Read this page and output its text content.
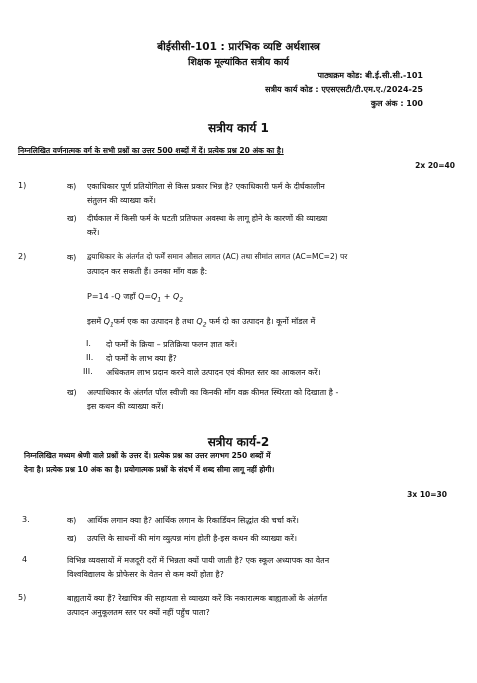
बीईसीसी-101 : प्रारंभिक व्यष्टि अर्थशास्त्र
शिक्षक मूल्यांकित सत्रीय कार्य
पाठ्यक्रम कोड: बी.ई.सी.सी.-101
सत्रीय कार्य कोड : एएसएसटी/टी.एम.ए./2024-25
कुल अंक : 100
सत्रीय कार्य 1
निम्नलिखित वर्णनात्मक वर्ग के सभी प्रश्नों का उत्तर 500 शब्दों में दें। प्रत्येक प्रश्न 20 अंक का है।
2x 20=40
1)	क) एकाधिकार पूर्ण प्रतियोगिता से किस प्रकार भिन्न है? एकाधिकारी फर्म के दीर्घकालीन
संतुलन की व्याख्या करें।
ख) दीर्घकाल में किसी फर्म के घटती प्रतिफल अवस्था के लागू होने के कारणों की व्याख्या
करें।
2)	क) द्वयाधिकार के अंतर्गत दो फर्में समान औसत लागत (AC) तथा सीमांत लागत (AC=MC=2) पर
उत्पादन कर सकती हैं। उनका माँग वक्र है:
P=14 -Q जहाँ $Q=Q_1 + Q_2$
इसमें $Q_1फर्म$ एक का उत्पादन है तथा $Q_2$ फर्म दो का उत्पादन है। कूर्नो मॉडल में
I. दो फर्मों के क्रिया – प्रतिक्रिया फलन ज्ञात करें।
II. दो फर्मों के लाभ क्या हैं?
III. अधिकतम लाभ प्रदान करने वाले उत्पादन एवं कीमत स्तर का आकलन करें।
ख) अल्पाधिकार के अंतर्गत पॉल स्वीजी का किनकी माँग वक्र कीमत स्थिरता को दिखाता है -
इस कथन की व्याख्या करें।
सत्रीय कार्य-2
निम्नलिखित मध्यम श्रेणी वाले प्रश्नों के उत्तर दें। प्रत्येक प्रश्न का उत्तर लगभग 250 शब्दों में
देना है। प्रत्येक प्रश्न 10 अंक का है। प्रयोगात्मक प्रश्नों के संदर्भ में शब्द सीमा लागू नहीं होगी।
3x 10=30
3.	क) आर्थिक लगान क्या है? आर्थिक लगान के रिकार्डियन सिद्धांत की चर्चा करें।
ख) उत्पत्ति के साधनों की मांग व्युत्पन्न मांग होती है-इस कथन की व्याख्या करें।
4	विभिन्न व्यवसायों में मजदूरी दरों में भिन्नता क्यों पायी जाती है? एक स्कूल अध्यापक का वेतन
विश्वविद्यालय के प्रोफेसर के वेतन से कम क्यों होता है?
5)	बाह्यतायें क्या हैं? रेखाचित्र की सहायता से व्याख्या करें कि नकारात्मक बाह्यताओं के अंतर्गत
उत्पादन अनुकूलतम स्तर पर क्यों नहीं पहुँच पाता?
